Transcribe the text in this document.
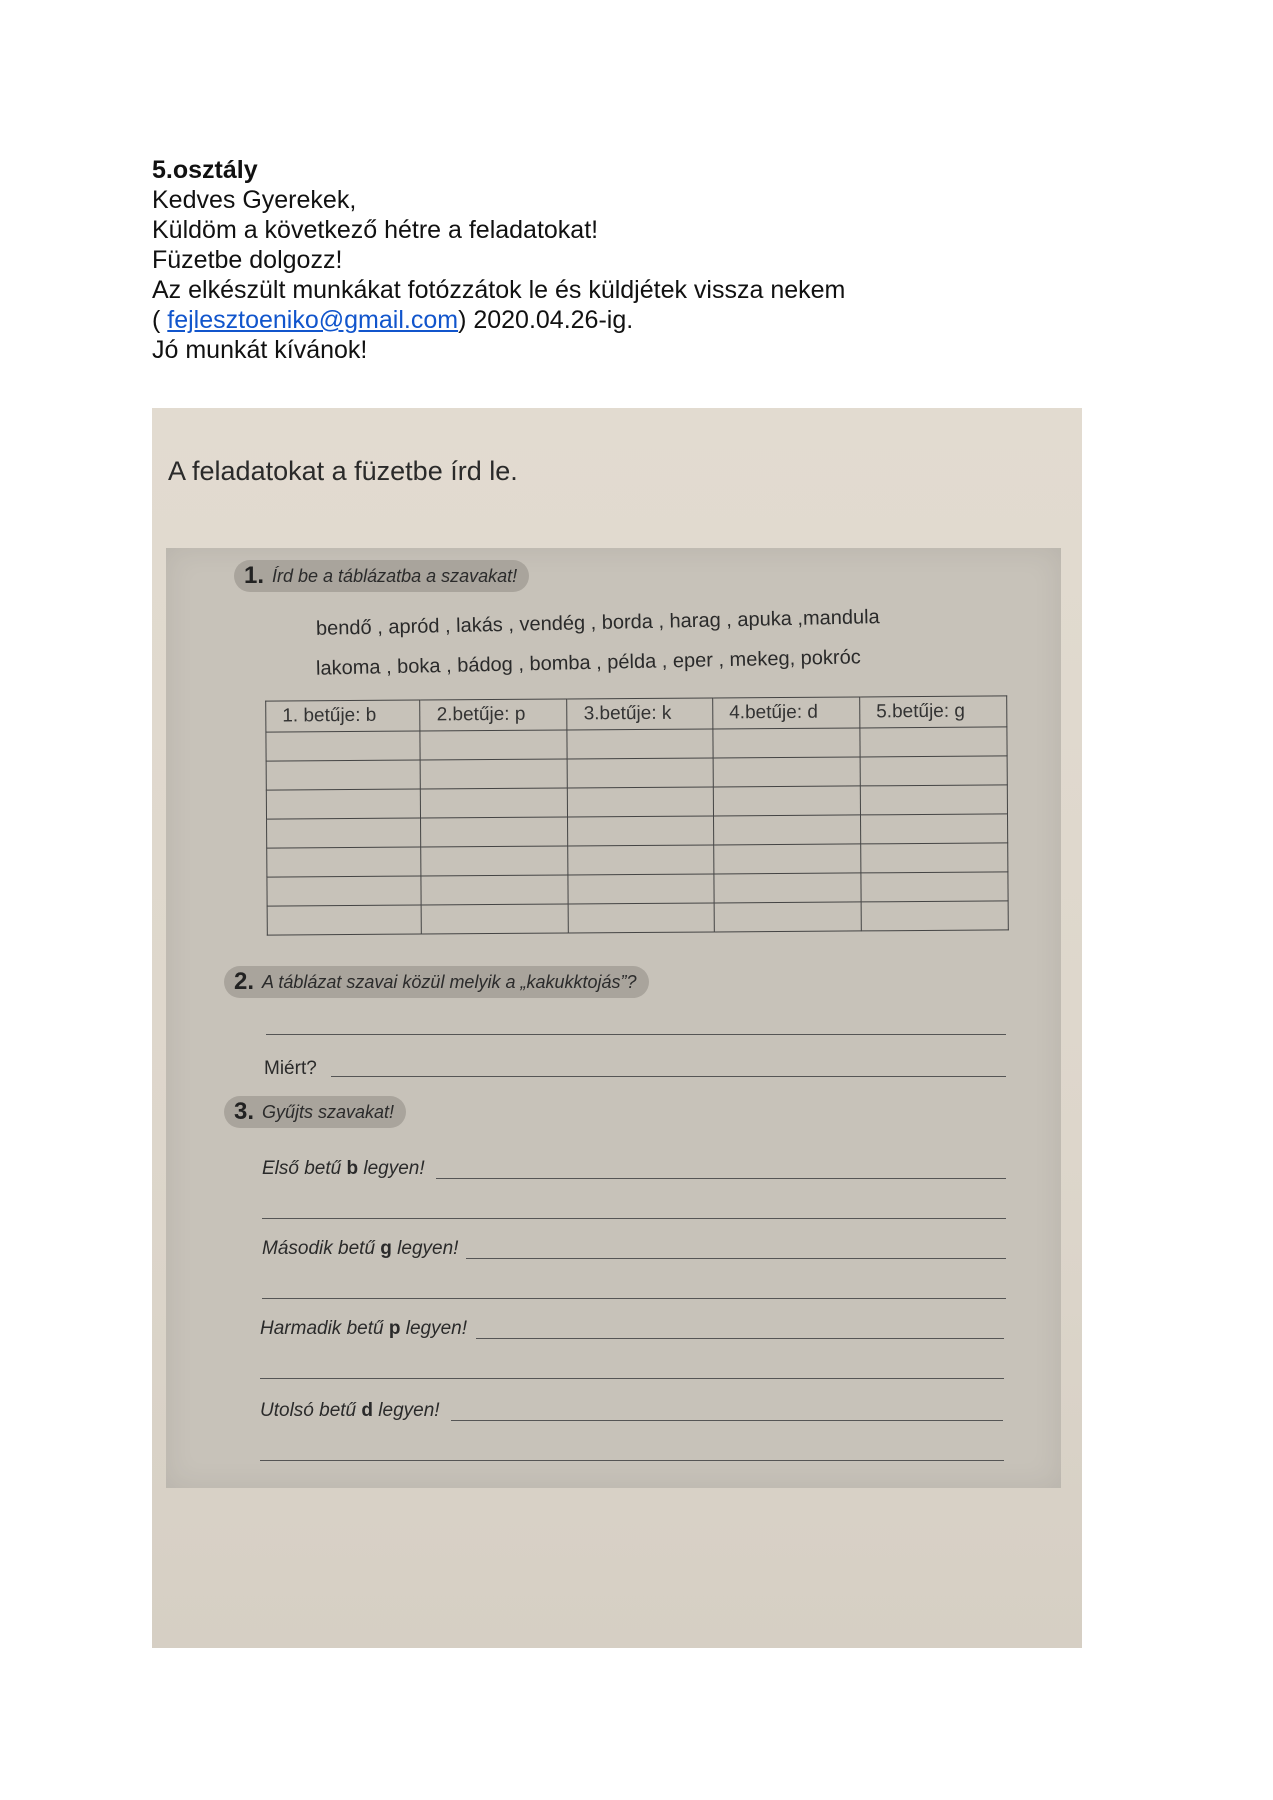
5.osztály
Kedves Gyerekek,
Küldöm a következő hétre a feladatokat!
Füzetbe dolgozz!
Az elkészült munkákat fotózzátok le és küldjétek vissza nekem
( fejlesztoeniko@gmail.com) 2020.04.26-ig.
Jó munkát kívánok!
A feladatokat a füzetbe írd le.
1. Írd be a táblázatba a szavakat!
bendő , apród , lakás , vendég , borda , harag , apuka ,mandula
lakoma , boka , bádog , bomba , példa , eper , mekeg, pokróc
1. betűje: b	2.betűje: p	3.betűje: k	4.betűje: d	5.betűje: g

2. A táblázat szavai közül melyik a „kakukktojás”?
Miért?
3. Gyűjts szavakat!
Első betű b legyen!
Második betű g legyen!
Harmadik betű p legyen!
Utolsó betű d legyen!
